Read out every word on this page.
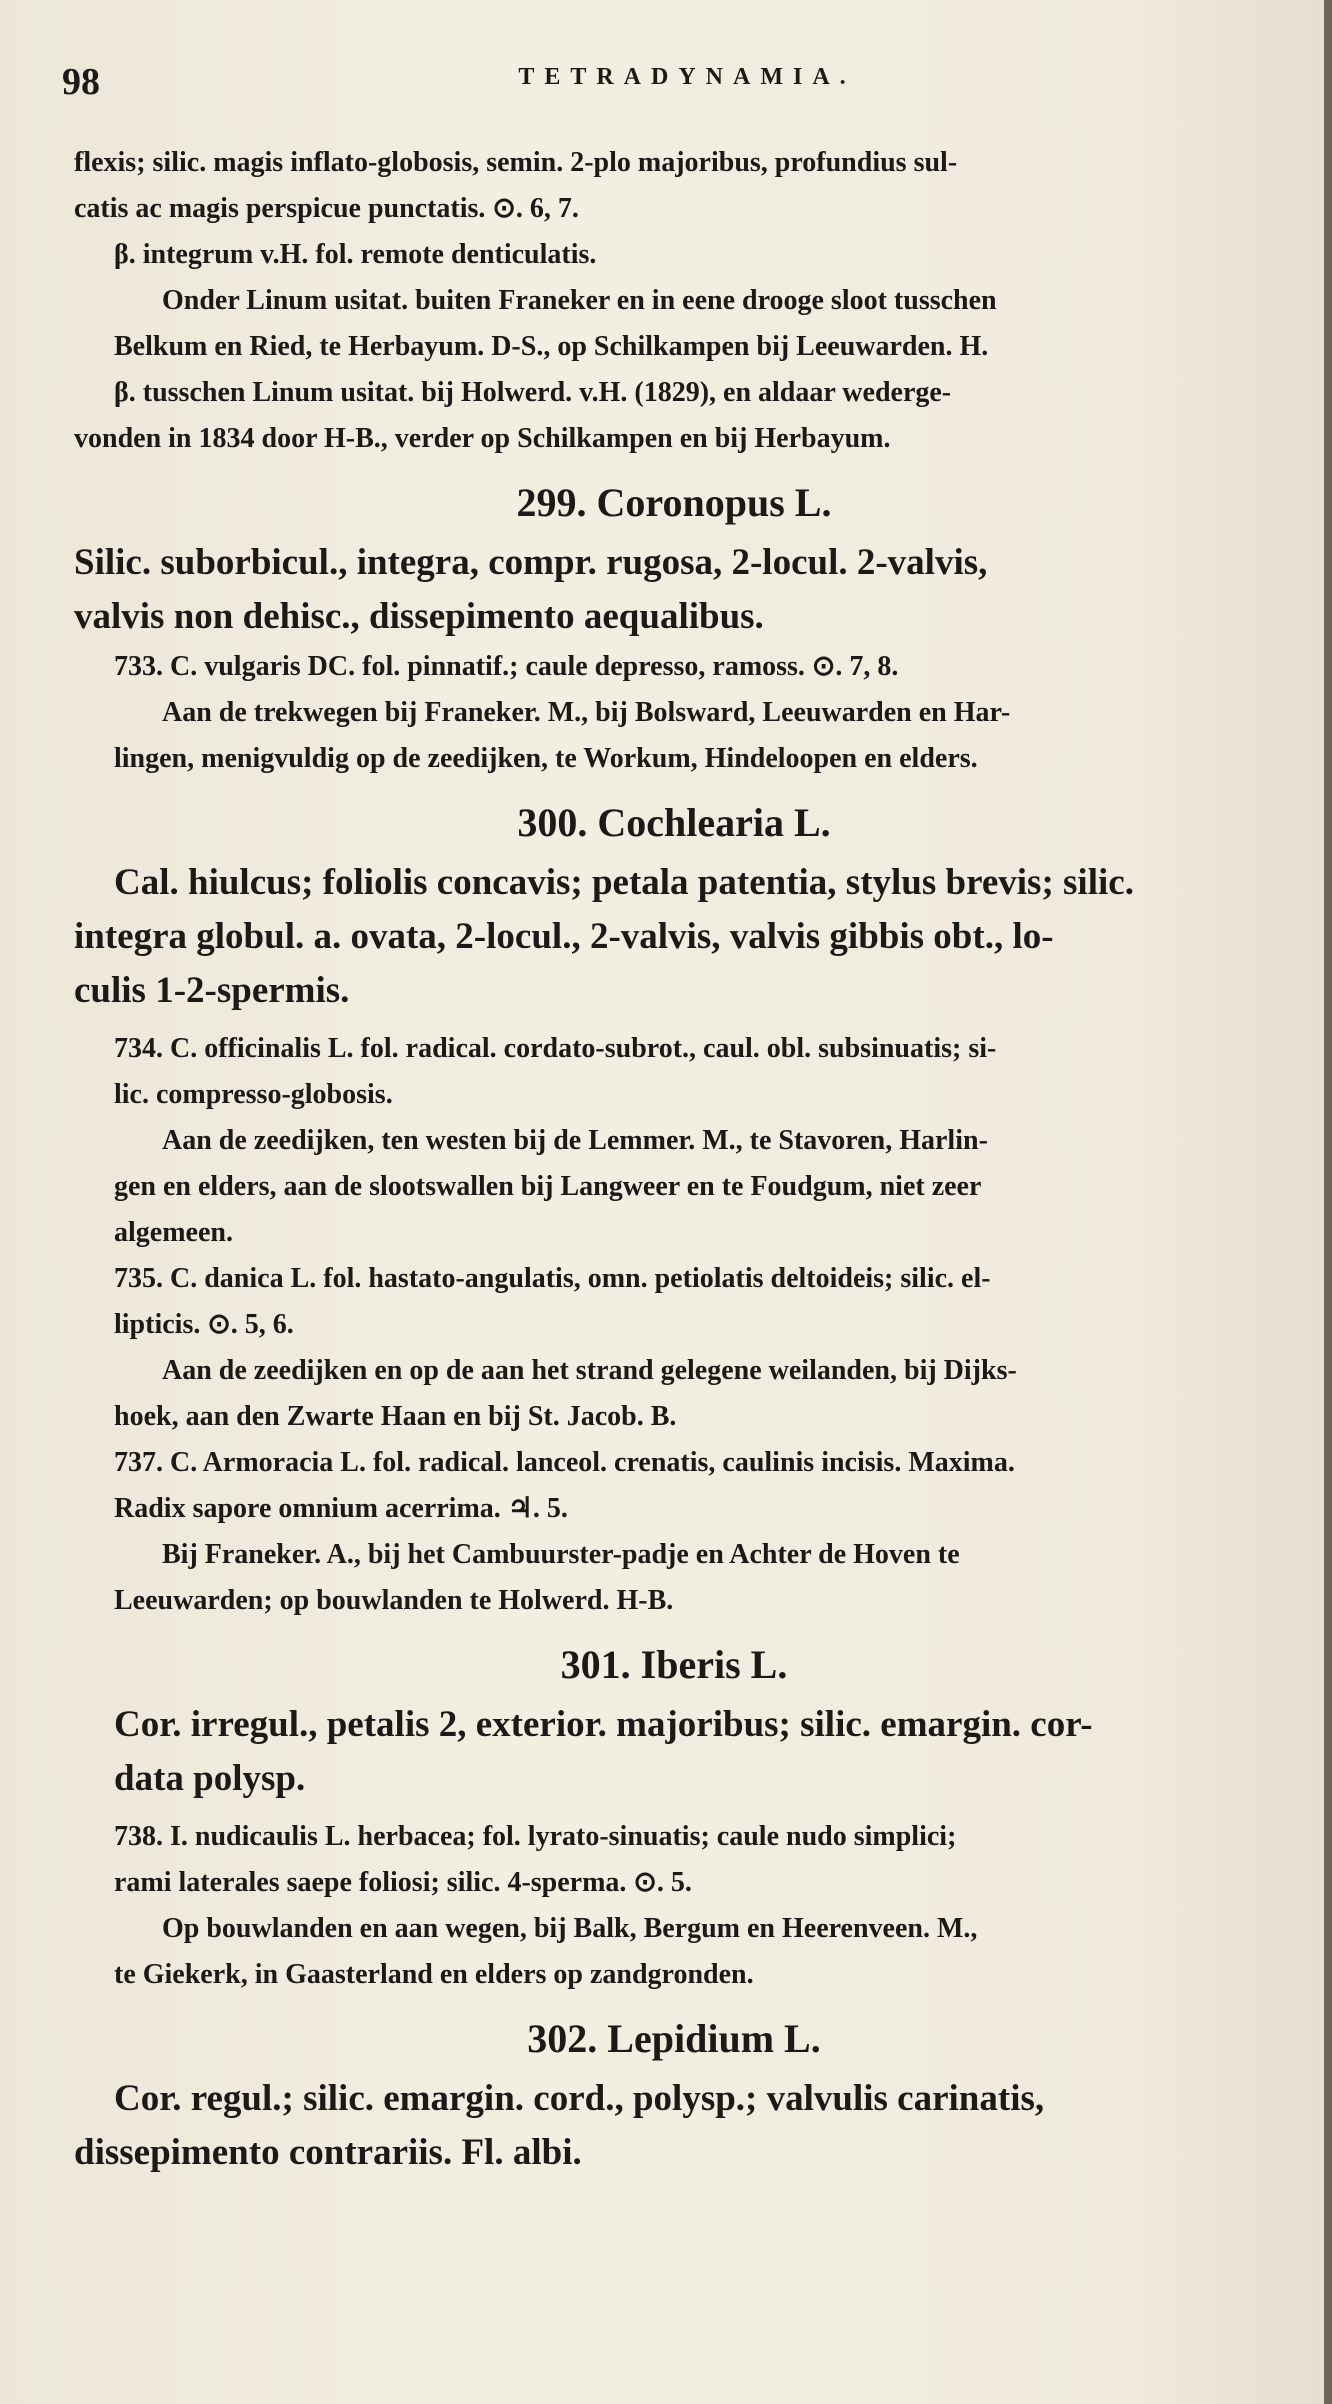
98	TETRADYNAMIA.

flexis; silic. magis inflato-globosis, semin. 2-plo majoribus, profundius sul-

catis ac magis perspicue punctatis. ⊙. 6, 7.

β. integrum v.H. fol. remote denticulatis.

Onder Linum usitat. buiten Franeker en in eene drooge sloot tusschen

Belkum en Ried, te Herbayum. D-S., op Schilkampen bij Leeuwarden. H.

β. tusschen Linum usitat. bij Holwerd. v.H. (1829), en aldaar wederge-

vonden in 1834 door H-B., verder op Schilkampen en bij Herbayum.

299. Coronopus L.

Silic. suborbicul., integra, compr. rugosa, 2-locul. 2-valvis,

valvis non dehisc., dissepimento aequalibus.

733. C. vulgaris DC. fol. pinnatif.; caule depresso, ramoss. ⊙. 7, 8.

Aan de trekwegen bij Franeker. M., bij Bolsward, Leeuwarden en Har-

lingen, menigvuldig op de zeedijken, te Workum, Hindeloopen en elders.

300. Cochlearia L.

Cal. hiulcus; foliolis concavis; petala patentia, stylus brevis; silic.

integra globul. a. ovata, 2-locul., 2-valvis, valvis gibbis obt., lo-

culis 1-2-spermis.

734. C. officinalis L. fol. radical. cordato-subrot., caul. obl. subsinuatis; si-

lic. compresso-globosis.

Aan de zeedijken, ten westen bij de Lemmer. M., te Stavoren, Harlin-

gen en elders, aan de slootswallen bij Langweer en te Foudgum, niet zeer

algemeen.

735. C. danica L. fol. hastato-angulatis, omn. petiolatis deltoideis; silic. el-

lipticis. ⊙. 5, 6.

Aan de zeedijken en op de aan het strand gelegene weilanden, bij Dijks-

hoek, aan den Zwarte Haan en bij St. Jacob. B.

737. C. Armoracia L. fol. radical. lanceol. crenatis, caulinis incisis. Maxima.

Radix sapore omnium acerrima. ♃. 5.

Bij Franeker. A., bij het Cambuurster-padje en Achter de Hoven te

Leeuwarden; op bouwlanden te Holwerd. H-B.

301. Iberis L.

Cor. irregul., petalis 2, exterior. majoribus; silic. emargin. cor-

data polysp.

738. I. nudicaulis L. herbacea; fol. lyrato-sinuatis; caule nudo simplici;

rami laterales saepe foliosi; silic. 4-sperma. ⊙. 5.

Op bouwlanden en aan wegen, bij Balk, Bergum en Heerenveen. M.,

te Giekerk, in Gaasterland en elders op zandgronden.

302. Lepidium L.

Cor. regul.; silic. emargin. cord., polysp.; valvulis carinatis,

dissepimento contrariis. Fl. albi.
